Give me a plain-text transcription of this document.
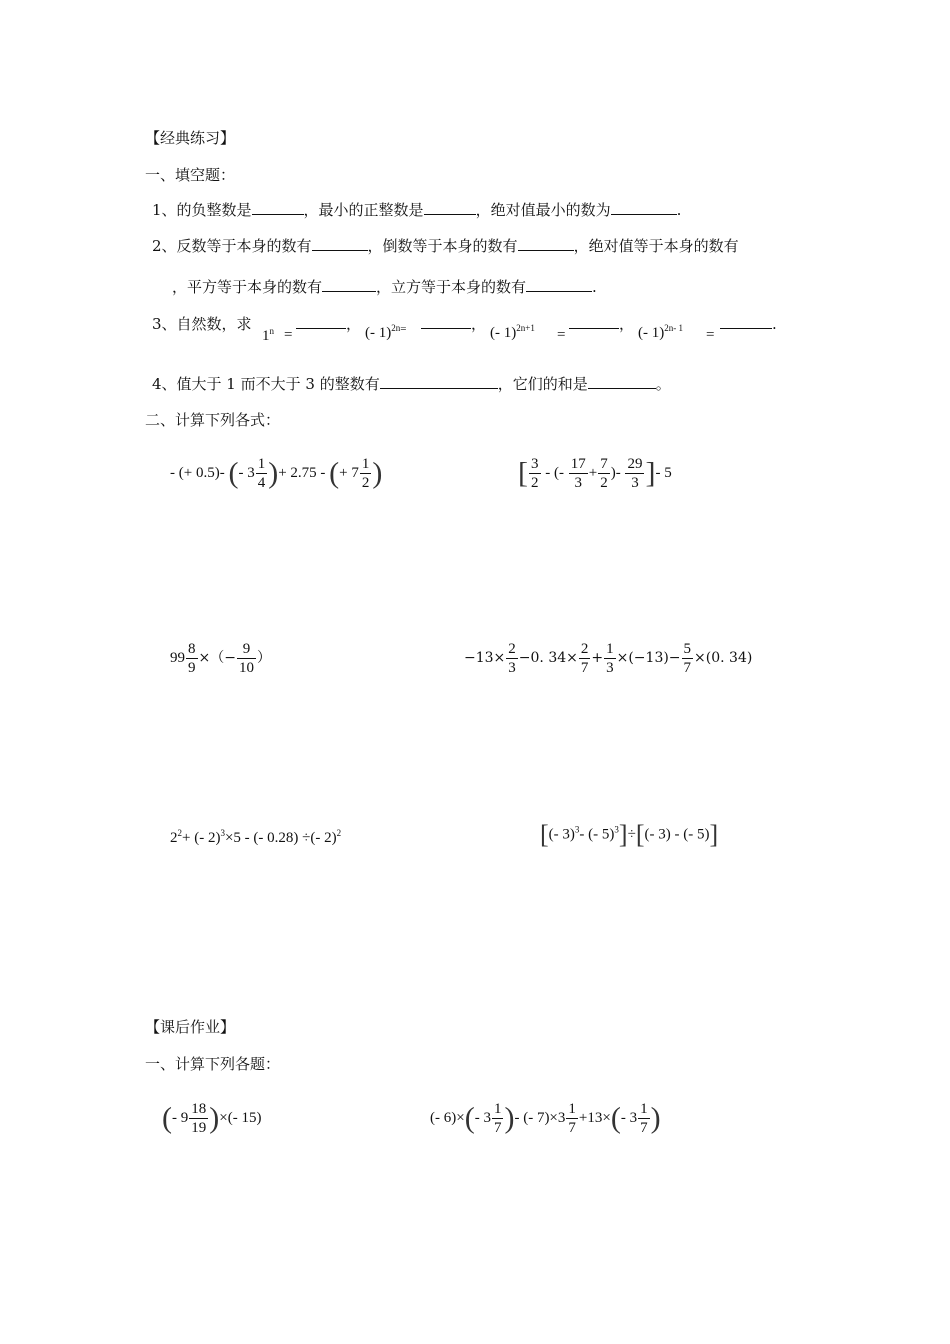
【经典练习】
一、填空题：
1、的负整数是	，最小的正整数是	，绝对值最小的数为	.
2、反数等于本身的数有	，倒数等于本身的数有	，绝对值等于本身的数有
，平方等于本身的数有	，立方等于本身的数有	.
3、自然数，求
$1^n$ =
， (- 1)$^{2n=}$	， (- 1)$^{2n+1}$ =
， (- 1)$^{2n- 1}$ =
.
4、值大于 1 而不大于 3 的整数有	，它们的和是	。
二、计算下列各式：
- (+ 0.5)- (- $3 \frac{1}{4}$ )+ 2.75 - (+ $7 \frac{1}{2}$ )	[ $\frac{3}{2}$ - (- $\frac{17}{3} + \frac{7}{2}$ )- $\frac{29}{3}$ ]- 5
$99 \frac{8}{9}$ ×（− $\frac{9}{10}$ ）	$-13\times \frac{2}{3} -0$. $34\times \frac{2}{7} + \frac{1}{3} \times(-13)- \frac{5}{7} \times(0$. 34)
$2^2+$ (- 2)$^3$×5 - (- 0.28) ÷(- 2)$^2$	[(- 3)$^3$- (- 5)$^3$]÷[(- 3) - (- 5)]
【课后作业】
一、计算下列各题：
(- $9 \frac{18}{19}$ )×(- 15)	(- 6)×(- $3 \frac{1}{7}$ )- (- $7)\times 3 \frac{1}{7} +13\times(-$ $3 \frac{1}{7}$ )
